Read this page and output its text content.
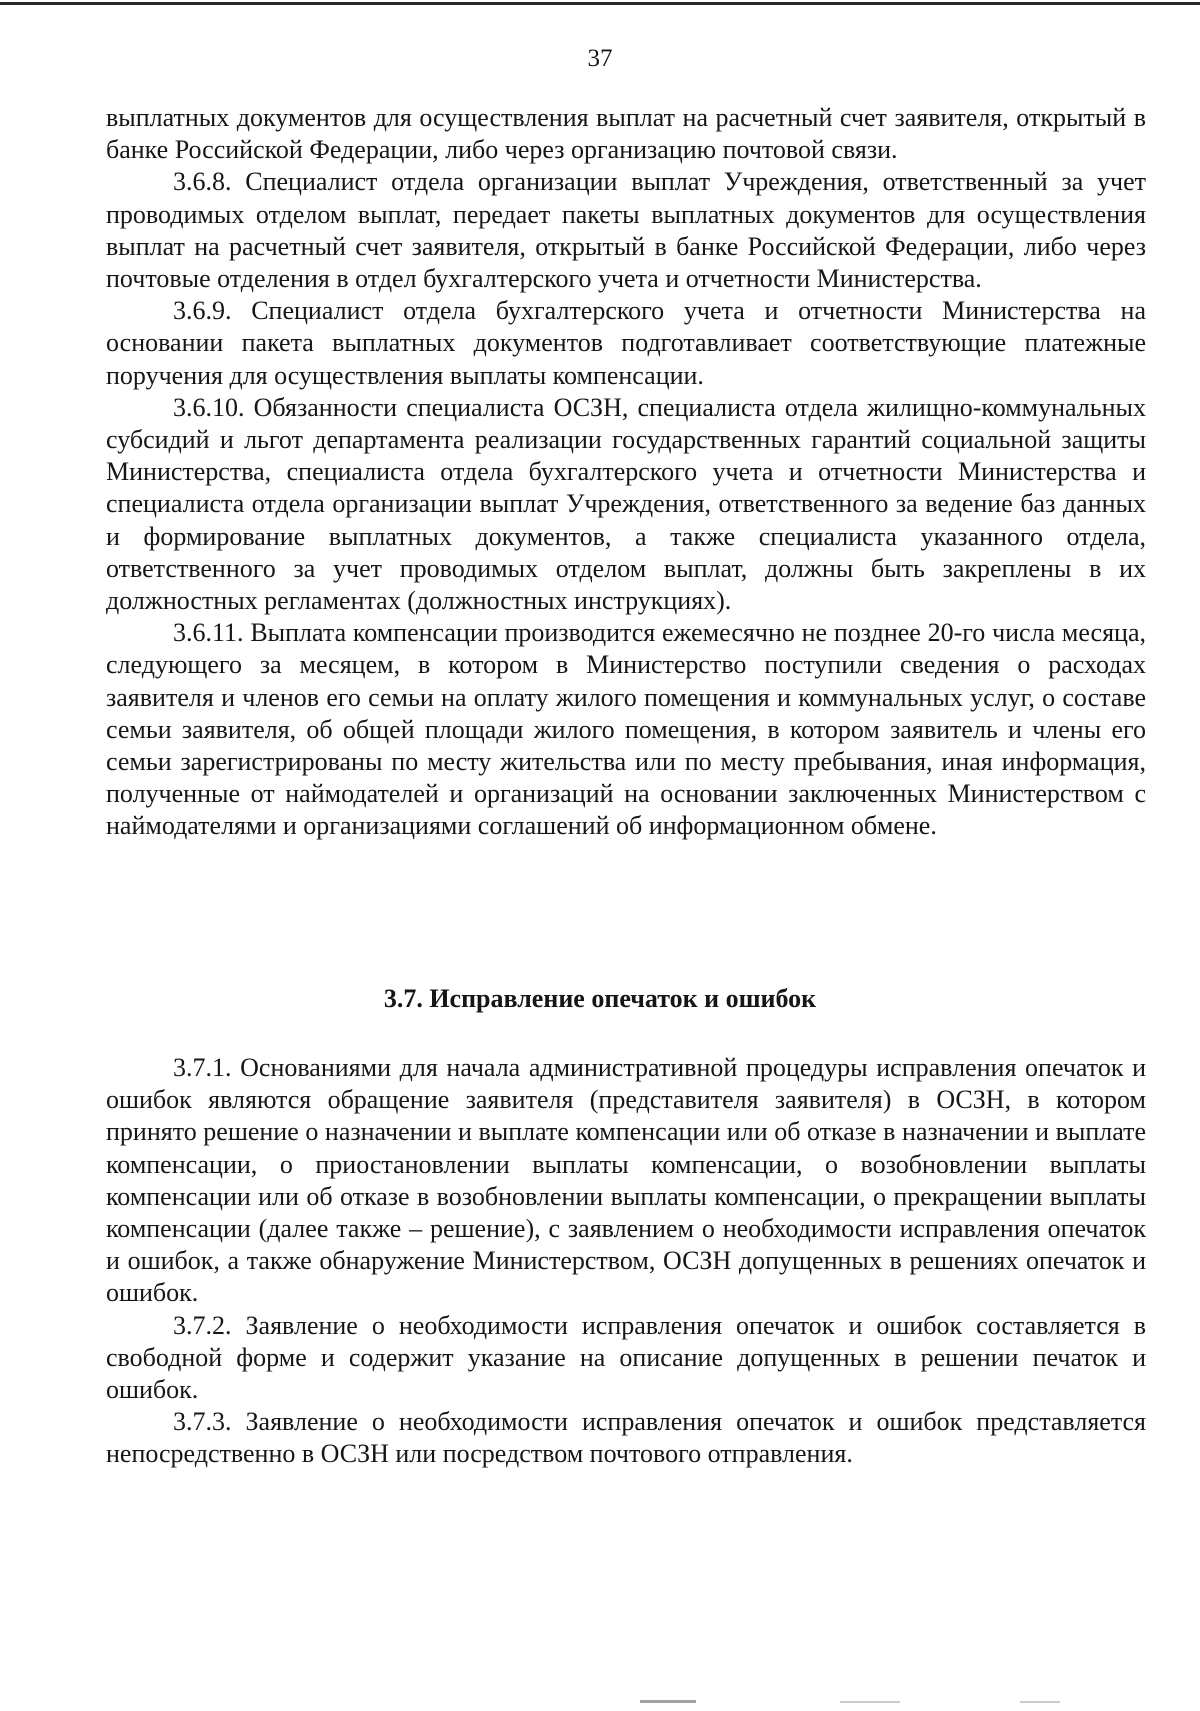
37

выплатных документов для осуществления выплат на расчетный счет заявителя, открытый в банке Российской Федерации, либо через организацию почтовой связи.

3.6.8. Специалист отдела организации выплат Учреждения, ответственный за учет проводимых отделом выплат, передает пакеты выплатных документов для осуществления выплат на расчетный счет заявителя, открытый в банке Российской Федерации, либо через почтовые отделения в отдел бухгалтерского учета и отчетности Министерства.

3.6.9. Специалист отдела бухгалтерского учета и отчетности Министерства на основании пакета выплатных документов подготавливает соответствующие платежные поручения для осуществления выплаты компенсации.

3.6.10. Обязанности специалиста ОСЗН, специалиста отдела жилищно-коммунальных субсидий и льгот департамента реализации государственных гарантий социальной защиты Министерства, специалиста отдела бухгалтерского учета и отчетности Министерства и специалиста отдела организации выплат Учреждения, ответственного за ведение баз данных и формирование выплатных документов, а также специалиста указанного отдела, ответственного за учет проводимых отделом выплат, должны быть закреплены в их должностных регламентах (должностных инструкциях).

3.6.11. Выплата компенсации производится ежемесячно не позднее 20-го числа месяца, следующего за месяцем, в котором в Министерство поступили сведения о расходах заявителя и членов его семьи на оплату жилого помещения и коммунальных услуг, о составе семьи заявителя, об общей площади жилого помещения, в котором заявитель и члены его семьи зарегистрированы по месту жительства или по месту пребывания, иная информация, полученные от наймодателей и организаций на основании заключенных Министерством с наймодателями и организациями соглашений об информационном обмене.

3.7. Исправление опечаток и ошибок

3.7.1. Основаниями для начала административной процедуры исправления опечаток и ошибок являются обращение заявителя (представителя заявителя) в ОСЗН, в котором принято решение о назначении и выплате компенсации или об отказе в назначении и выплате компенсации, о приостановлении выплаты компенсации, о возобновлении выплаты компенсации или об отказе в возобновлении выплаты компенсации, о прекращении выплаты компенсации (далее также – решение), с заявлением о необходимости исправления опечаток и ошибок, а также обнаружение Министерством, ОСЗН допущенных в решениях опечаток и ошибок.

3.7.2. Заявление о необходимости исправления опечаток и ошибок составляется в свободной форме и содержит указание на описание допущенных в решении печаток и ошибок.

3.7.3. Заявление о необходимости исправления опечаток и ошибок представляется непосредственно в ОСЗН или посредством почтового отправления.
